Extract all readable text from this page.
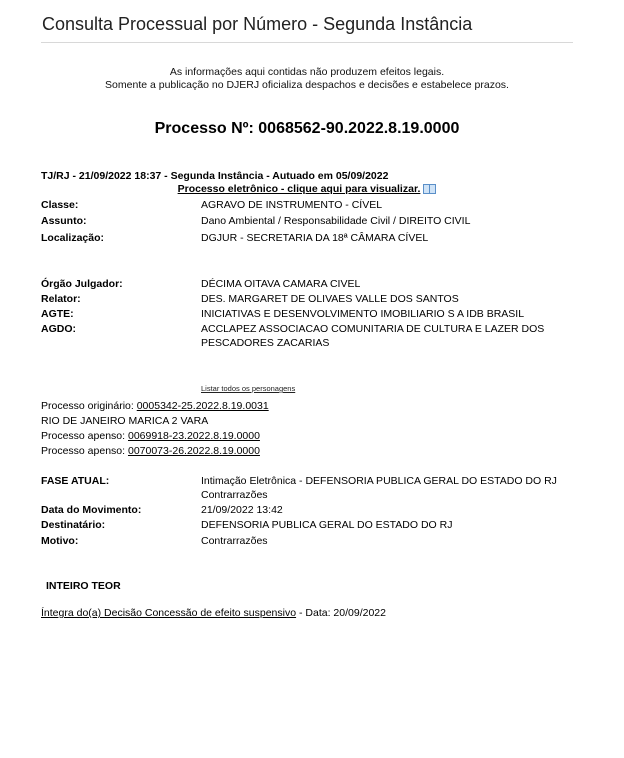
Consulta Processual por Número - Segunda Instância
As informações aqui contidas não produzem efeitos legais.
Somente a publicação no DJERJ oficializa despachos e decisões e estabelece prazos.
Processo Nº: 0068562-90.2022.8.19.0000
TJ/RJ - 21/09/2022 18:37 - Segunda Instância - Autuado em 05/09/2022
Processo eletrônico - clique aqui para visualizar.
Classe:	AGRAVO DE INSTRUMENTO - CÍVEL
Assunto:	Dano Ambiental / Responsabilidade Civil / DIREITO CIVIL
Localização:	DGJUR - SECRETARIA DA 18ª CÂMARA CÍVEL
Órgão Julgador:	DÉCIMA OITAVA CAMARA CIVEL
Relator:	DES. MARGARET DE OLIVAES VALLE DOS SANTOS
AGTE:	INICIATIVAS E DESENVOLVIMENTO IMOBILIARIO S A IDB BRASIL
AGDO:	ACCLAPEZ ASSOCIACAO COMUNITARIA DE CULTURA E LAZER DOS
PESCADORES ZACARIAS
Listar todos os personagens
Processo originário: 0005342-25.2022.8.19.0031
RIO DE JANEIRO MARICA 2 VARA
Processo apenso: 0069918-23.2022.8.19.0000
Processo apenso: 0070073-26.2022.8.19.0000
FASE ATUAL:	Intimação Eletrônica - DEFENSORIA PUBLICA GERAL DO ESTADO DO RJ
Contrarrazões
Data do Movimento:	21/09/2022 13:42
Destinatário:	DEFENSORIA PUBLICA GERAL DO ESTADO DO RJ
Motivo:	Contrarrazões
INTEIRO TEOR
Íntegra do(a) Decisão Concessão de efeito suspensivo - Data: 20/09/2022
